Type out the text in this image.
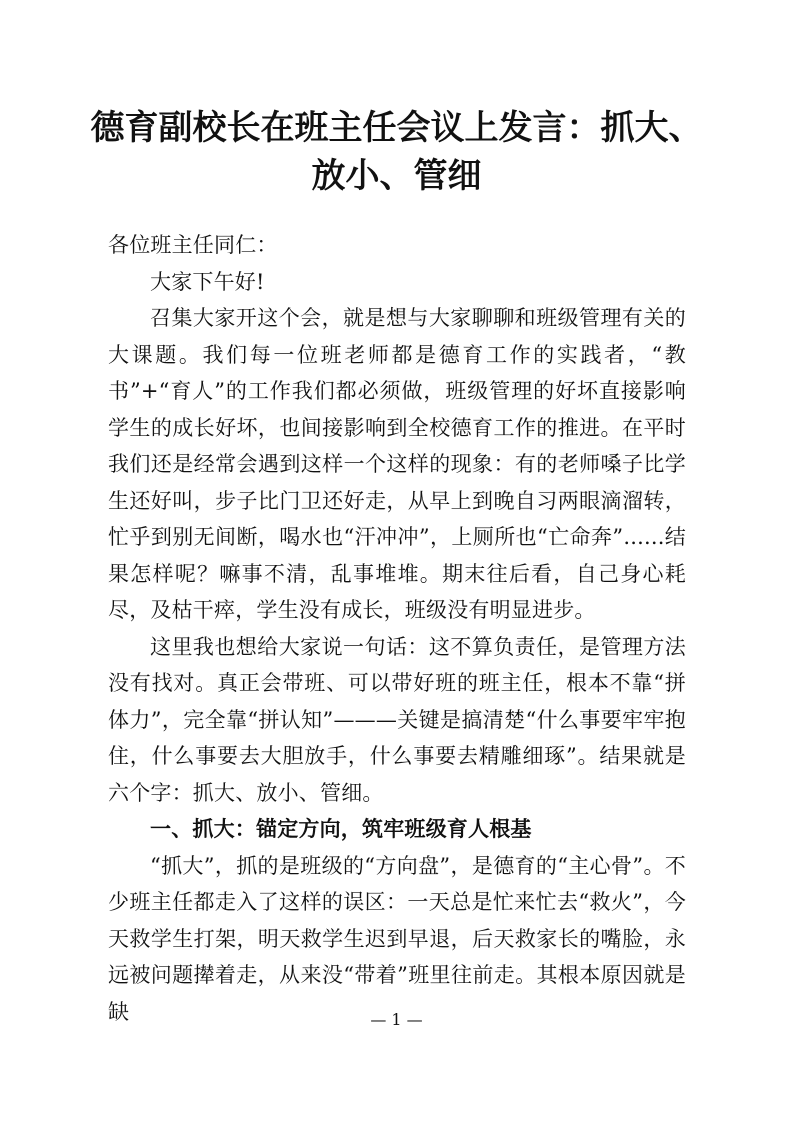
德育副校长在班主任会议上发言：抓大、放小、管细

各位班主任同仁：

大家下午好!

召集大家开这个会，就是想与大家聊聊和班级管理有关的大课题。我们每一位班老师都是德育工作的实践者，“教书”+“育人”的工作我们都必须做，班级管理的好坏直接影响学生的成长好坏，也间接影响到全校德育工作的推进。在平时我们还是经常会遇到这样一个这样的现象：有的老师嗓子比学生还好叫，步子比门卫还好走，从早上到晚自习两眼滴溜转，忙乎到别无间断，喝水也“汗冲冲”，上厕所也“亡命奔”......结果怎样呢？嘛事不清，乱事堆堆。期末往后看，自己身心耗尽，及枯干瘁，学生没有成长，班级没有明显进步。

这里我也想给大家说一句话：这不算负责任，是管理方法没有找对。真正会带班、可以带好班的班主任，根本不靠“拼体力”，完全靠“拼认知”———关键是搞清楚“什么事要牢牢抱住，什么事要去大胆放手，什么事要去精雕细琢”。结果就是六个字：抓大、放小、管细。

一、抓大：锚定方向，筑牢班级育人根基

“抓大”，抓的是班级的“方向盘”，是德育的“主心骨”。不少班主任都走入了这样的误区：一天总是忙来忙去“救火”，今天救学生打架，明天救学生迟到早退，后天救家长的嘴脸，永远被问题撵着走，从来没“带着”班里往前走。其根本原因就是缺	— 1 —
